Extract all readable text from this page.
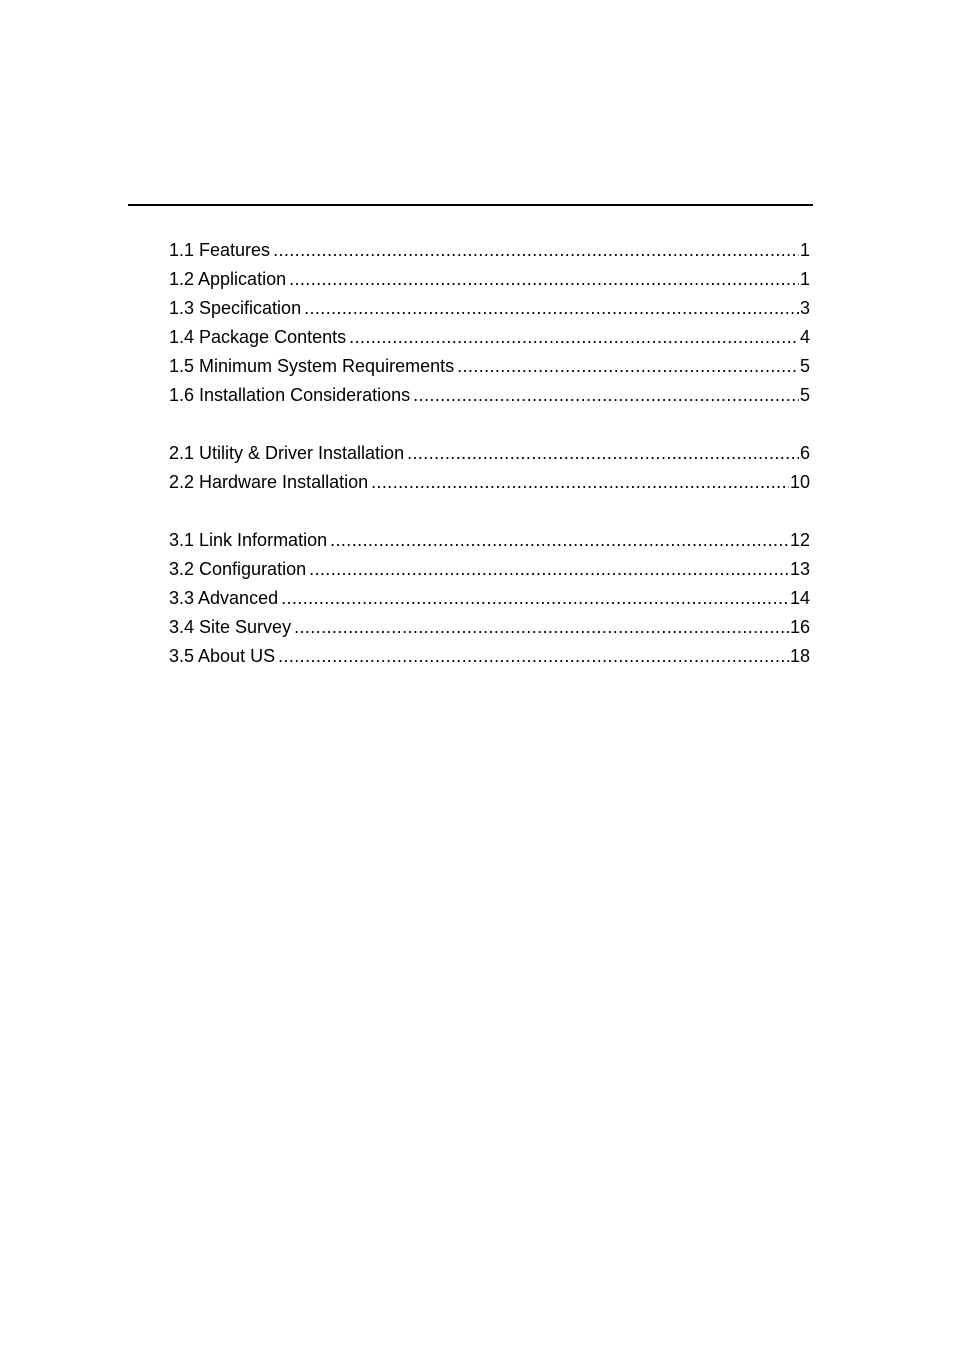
1.1 Features .....	1
1.2 Application .....	1
1.3 Specification .....	3
1.4 Package Contents .....	4
1.5 Minimum System Requirements .....	5
1.6 Installation Considerations .....	5
2.1 Utility & Driver Installation .....	6
2.2 Hardware Installation .....	10
3.1 Link Information .....	12
3.2 Configuration .....	13
3.3 Advanced .....	14
3.4 Site Survey .....	16
3.5 About US .....	18
